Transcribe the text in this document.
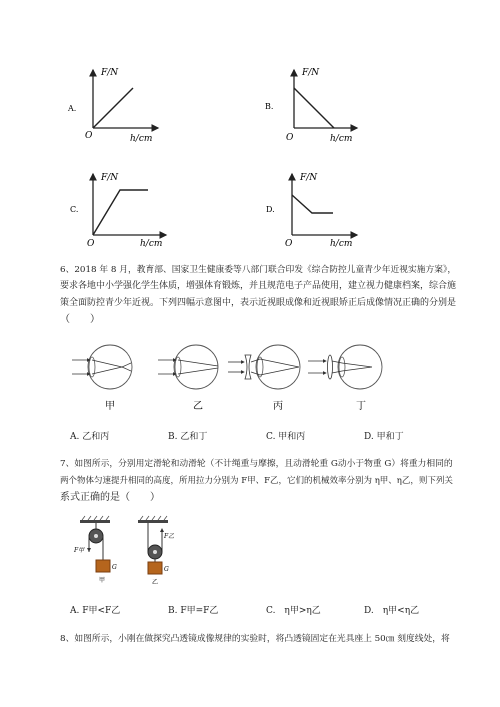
A.
F/N
h/cm
O
B.
F/N
h/cm
O
C.
F/N
h/cm
O
D.
F/N
h/cm
O
6、2018 年 8 月，教育部、国家卫生健康委等八部门联合印发《综合防控儿童青少年近视实施方案》，
要求各地中小学强化学生体质，增强体育锻炼，并且规范电子产品使用，建立视力健康档案，综合施
策全面防控青少年近视。下列四幅示意图中，表示近视眼成像和近视眼矫正后成像情况正确的分别是
（　　）
甲	乙	丙	丁
A. 乙和丙	B. 乙和丁	C. 甲和丙	D. 甲和丁
7、如图所示，分别用定滑轮和动滑轮（不计绳重与摩擦，且动滑轮重 G动小于物重 G）将重力相同的
两个物体匀速提升相同的高度，所用拉力分别为 F甲、F乙，它们的机械效率分别为 η甲、η乙，则下列关
系式正确的是（　　）
F甲
G
甲
F乙
G
乙
A. F甲<F乙	B. F甲=F乙	C.　η甲>η乙	D.　η甲<η乙
8、如图所示，小刚在做探究凸透镜成像规律的实验时，将凸透镜固定在光具座上 50㎝ 刻度线处，将
